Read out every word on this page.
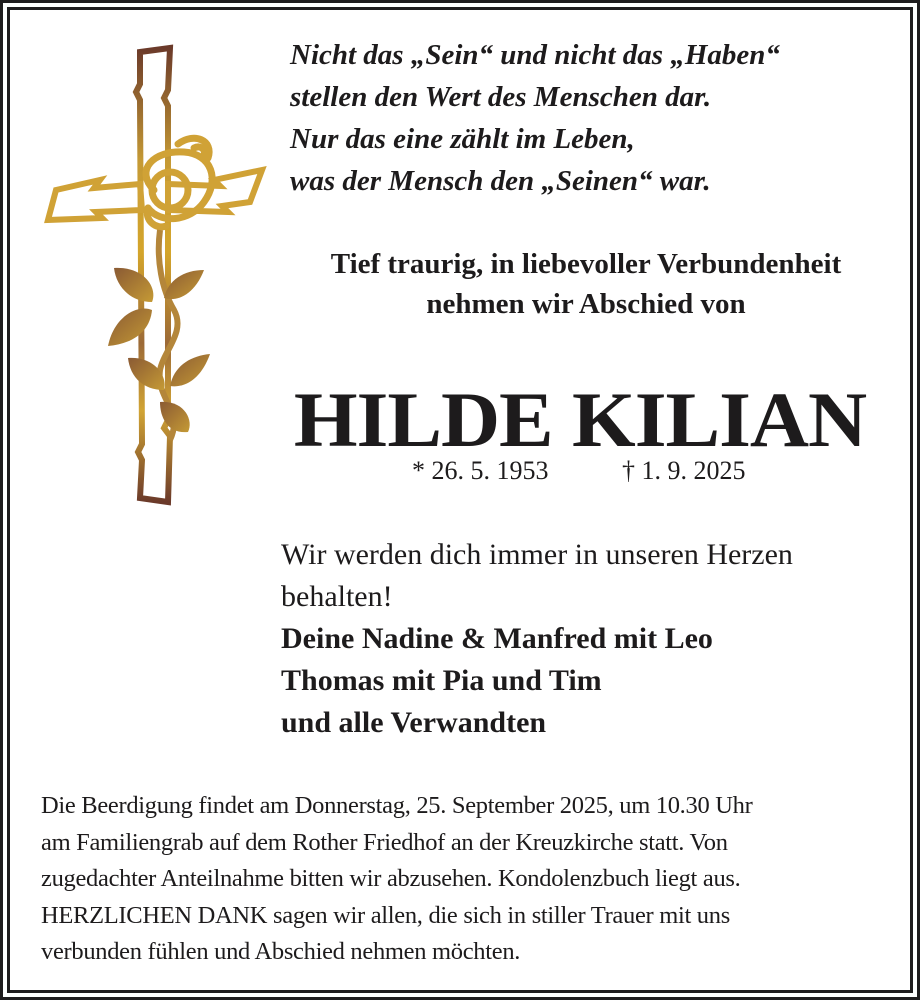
Nicht das „Sein“ und nicht das „Haben“
stellen den Wert des Menschen dar.
Nur das eine zählt im Leben,
was der Mensch den „Seinen“ war.
Tief traurig, in liebevoller Verbundenheit
nehmen wir Abschied von
HILDE KILIAN
* 26. 5. 1953	† 1. 9. 2025
Wir werden dich immer in unseren Herzen
behalten!
Deine Nadine & Manfred mit Leo
Thomas mit Pia und Tim
und alle Verwandten
Die Beerdigung findet am Donnerstag, 25. September 2025, um 10.30 Uhr
am Familiengrab auf dem Rother Friedhof an der Kreuzkirche statt. Von
zugedachter Anteilnahme bitten wir abzusehen. Kondolenzbuch liegt aus.
HERZLICHEN DANK sagen wir allen, die sich in stiller Trauer mit uns
verbunden fühlen und Abschied nehmen möchten.
